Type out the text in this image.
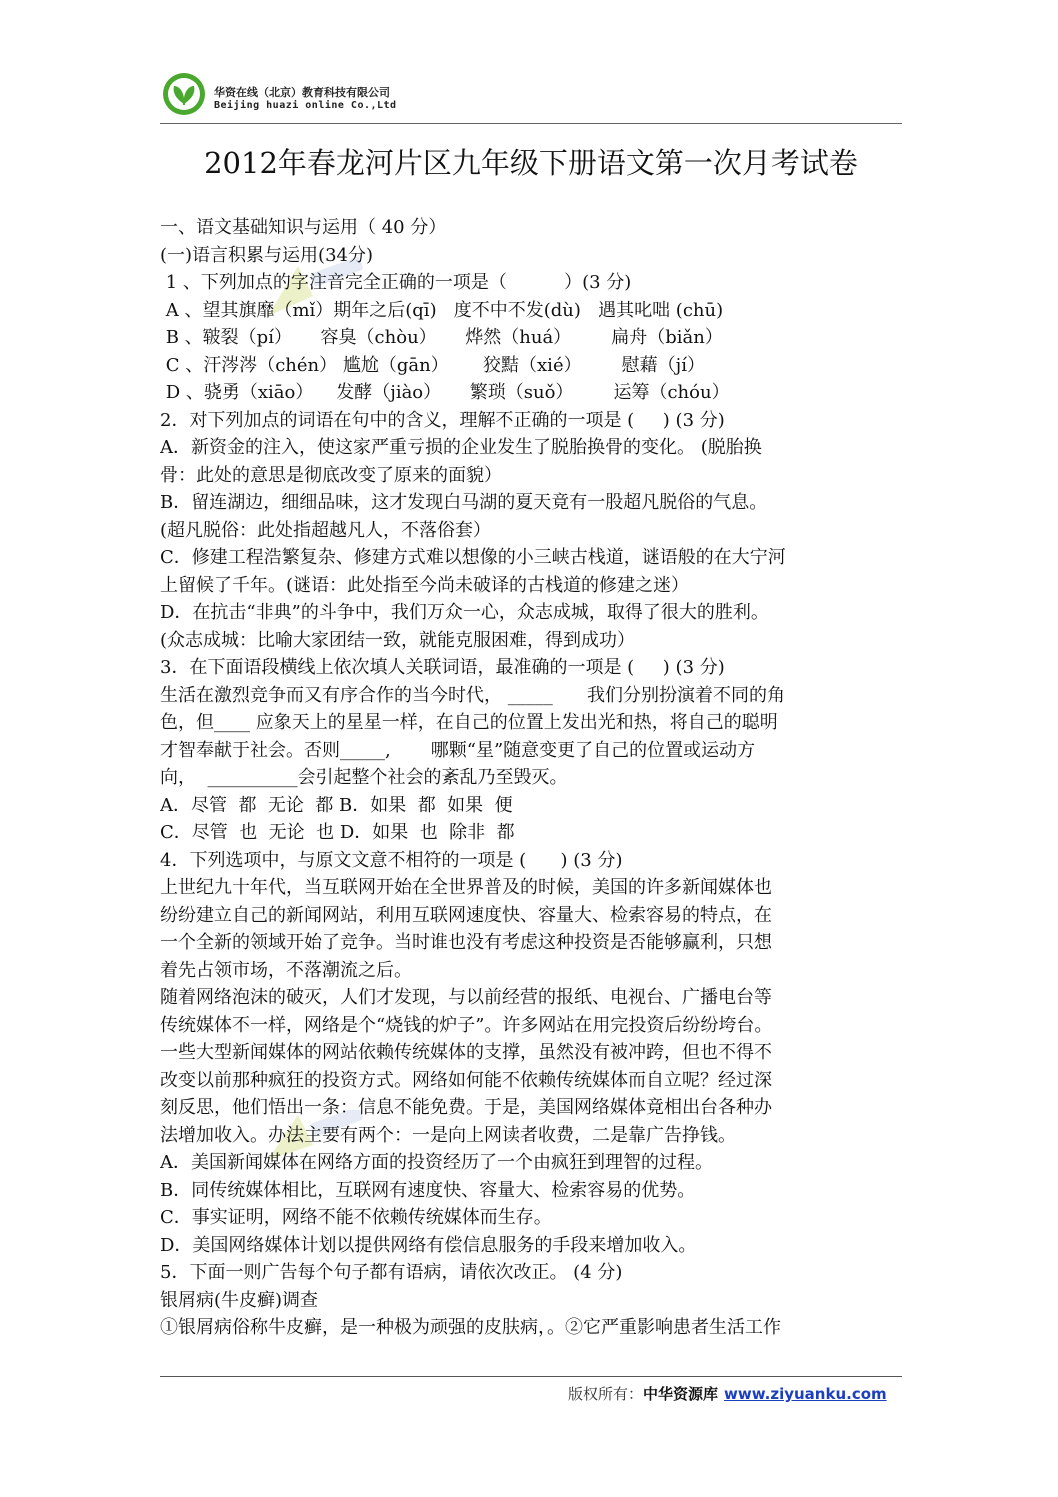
华资在线（北京）教育科技有限公司
Beijing huazi online Co.,Ltd
2012年春龙河片区九年级下册语文第一次月考试卷
一、语文基础知识与运用（ 40 分）
(一)语言积累与运用(34分)
1 、下列加点的字注音完全正确的一项是（          ）(3 分)
A 、望其旗靡（mǐ）期年之后(qī)   度不中不发(dù)   遇其叱咄 (chū)
B 、皲裂（pí）     容臭（chòu）     烨然（huá）       扁舟（biǎn）
C 、汗涔涔（chén） 尴尬（gān）      狡黠（xié）       慰藉（jí）
D 、骁勇（xiāo）    发酵（jiào）     繁琐（suǒ）       运筹（chóu）
2．对下列加点的词语在句中的含义，理解不正确的一项是 (     ) (3 分)
A．新资金的注入，使这家严重亏损的企业发生了脱胎换骨的变化。 (脱胎换
骨：此处的意思是彻底改变了原来的面貌）
B．留连湖边，细细品味，这才发现白马湖的夏天竟有一股超凡脱俗的气息。
(超凡脱俗：此处指超越凡人，不落俗套）
C．修建工程浩繁复杂、修建方式难以想像的小三峡古栈道，谜语般的在大宁河
上留候了千年。(谜语：此处指至今尚未破译的古栈道的修建之迷）
D．在抗击“非典”的斗争中，我们万众一心，众志成城，取得了很大的胜利。
(众志成城：比喻大家团结一致，就能克服困难，得到成功）
3．在下面语段横线上依次填人关联词语，最准确的一项是 (     ) (3 分)
生活在激烈竞争而又有序合作的当今时代， _____      我们分别扮演着不同的角
色，但____ 应象天上的星星一样，在自己的位置上发出光和热，将自己的聪明
才智奉献于社会。否则_____,       哪颗“星”随意变更了自己的位置或运动方
向，  __________会引起整个社会的紊乱乃至毁灭。
A．尽管  都  无论  都 B．如果  都  如果  便
C．尽管  也  无论  也 D．如果  也  除非  都
4．下列选项中，与原文文意不相符的一项是 (      ) (3 分)
上世纪九十年代，当互联网开始在全世界普及的时候，美国的许多新闻媒体也
纷纷建立自己的新闻网站，利用互联网速度快、容量大、检索容易的特点，在
一个全新的领域开始了竞争。当时谁也没有考虑这种投资是否能够赢利，只想
着先占领市场，不落潮流之后。
随着网络泡沫的破灭，人们才发现，与以前经营的报纸、电视台、广播电台等
传统媒体不一样，网络是个“烧钱的炉子”。许多网站在用完投资后纷纷垮台。
一些大型新闻媒体的网站依赖传统媒体的支撑，虽然没有被冲跨，但也不得不
改变以前那种疯狂的投资方式。网络如何能不依赖传统媒体而自立呢？经过深
刻反思，他们悟出一条：信息不能免费。于是，美国网络媒体竟相出台各种办
法增加收入。办法主要有两个：一是向上网读者收费，二是靠广告挣钱。
A．美国新闻媒体在网络方面的投资经历了一个由疯狂到理智的过程。
B．同传统媒体相比，互联网有速度快、容量大、检索容易的优势。
C．事实证明，网络不能不依赖传统媒体而生存。
D．美国网络媒体计划以提供网络有偿信息服务的手段来增加收入。
5．下面一则广告每个句子都有语病，请依次改正。 (4 分)
银屑病(牛皮癣)调查
①银屑病俗称牛皮癣，是一种极为顽强的皮肤病，。②它严重影响患者生活工作
版权所有：中华资源库 www.ziyuanku.com
